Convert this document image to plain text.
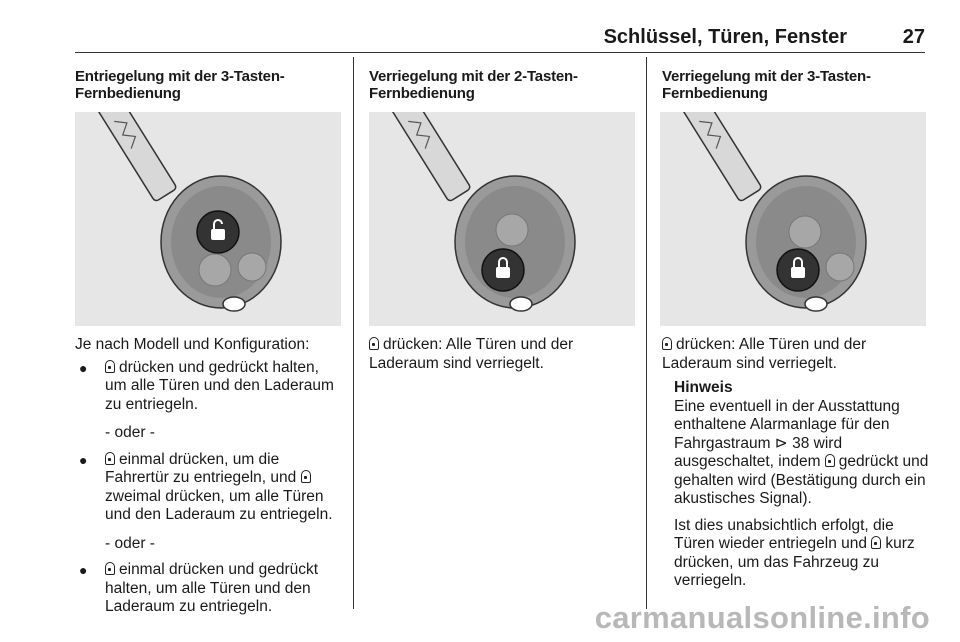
Schlüssel, Türen, Fenster	27
Entriegelung mit der 3-Tasten-Fernbedienung

Je nach Modell und Konfiguration:

● drücken und gedrückt halten, um alle Türen und den Laderaum zu entriegeln.

- oder -

● einmal drücken, um die Fahrertür zu entriegeln, und zweimal drücken, um alle Türen und den Laderaum zu entriegeln.

- oder -

● einmal drücken und gedrückt halten, um alle Türen und den Laderaum zu entriegeln.
Verriegelung mit der 2-Tasten-Fernbedienung

drücken: Alle Türen und der Laderaum sind verriegelt.

Verriegelung mit der 3-Tasten-Fernbedienung

drücken: Alle Türen und der Laderaum sind verriegelt.

Hinweis

Eine eventuell in der Ausstattung enthaltene Alarmanlage für den Fahrgastraum ⊳ 38 wird ausgeschaltet, indem gedrückt und gehalten wird (Bestätigung durch ein akustisches Signal).

Ist dies unabsichtlich erfolgt, die Türen wieder entriegeln und kurz drücken, um das Fahrzeug zu verriegeln.

carmanualsonline.info
